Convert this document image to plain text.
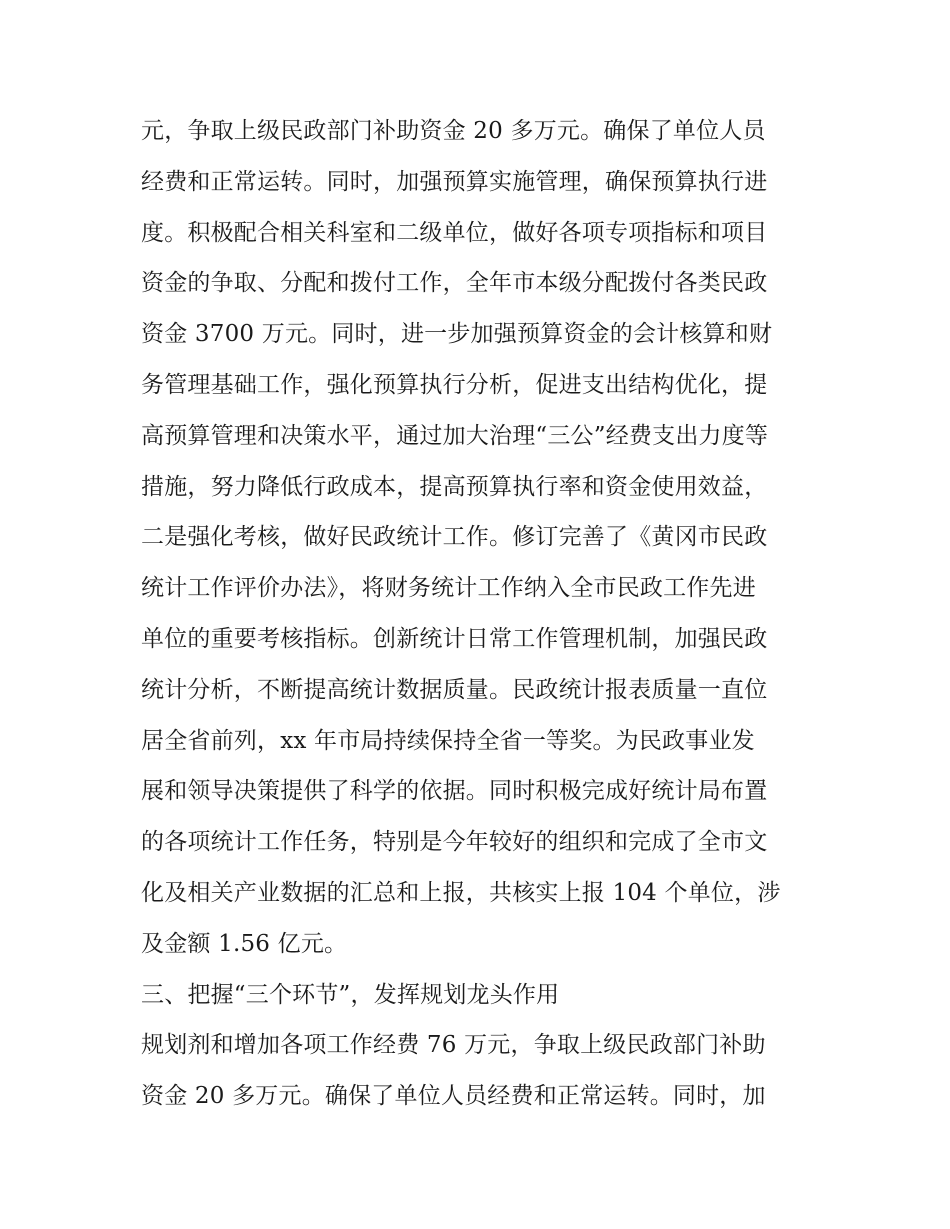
元，争取上级民政部门补助资金 20 多万元。确保了单位人员
经费和正常运转。同时，加强预算实施管理，确保预算执行进
度。积极配合相关科室和二级单位，做好各项专项指标和项目
资金的争取、分配和拨付工作，全年市本级分配拨付各类民政
资金 3700 万元。同时，进一步加强预算资金的会计核算和财
务管理基础工作，强化预算执行分析，促进支出结构优化，提
高预算管理和决策水平，通过加大治理“三公”经费支出力度等
措施，努力降低行政成本，提高预算执行率和资金使用效益，
二是强化考核，做好民政统计工作。修订完善了《黄冈市民政
统计工作评价办法》，将财务统计工作纳入全市民政工作先进
单位的重要考核指标。创新统计日常工作管理机制，加强民政
统计分析，不断提高统计数据质量。民政统计报表质量一直位
居全省前列，xx 年市局持续保持全省一等奖。为民政事业发
展和领导决策提供了科学的依据。同时积极完成好统计局布置
的各项统计工作任务，特别是今年较好的组织和完成了全市文
化及相关产业数据的汇总和上报，共核实上报 104 个单位，涉
及金额 1.56 亿元。
三、把握“三个环节”，发挥规划龙头作用
规划剂和增加各项工作经费 76 万元，争取上级民政部门补助
资金 20 多万元。确保了单位人员经费和正常运转。同时，加
